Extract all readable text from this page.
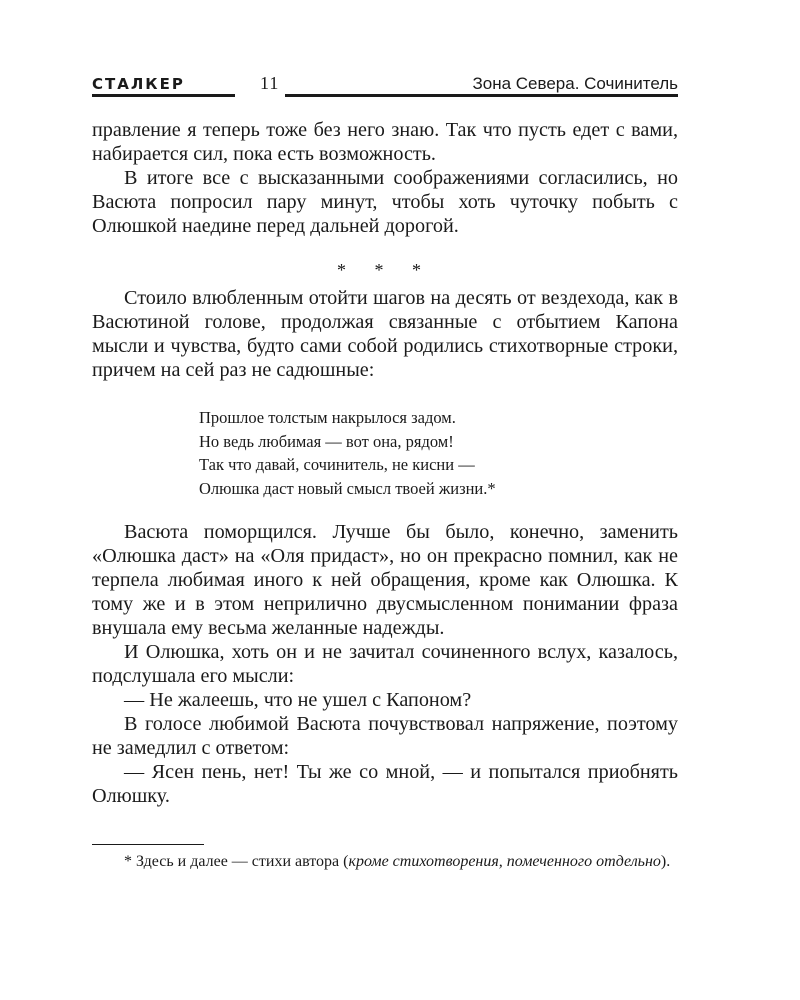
СТАЛКЕР	11	Зона Севера. Сочинитель

правление я теперь тоже без него знаю. Так что пусть едет с вами, набирается сил, пока есть возможность.

В итоге все с высказанными соображениями согласились, но Васюта попросил пару минут, чтобы хоть чуточку побыть с Олюшкой наедине перед дальней дорогой.

* * *

Стоило влюбленным отойти шагов на десять от вездехода, как в Васютиной голове, продолжая связанные с отбытием Капона мысли и чувства, будто сами собой родились стихотворные строки, причем на сей раз не садюшные:

Прошлое толстым накрылося задом.
Но ведь любимая — вот она, рядом!
Так что давай, сочинитель, не кисни —
Олюшка даст новый смысл твоей жизни.*

Васюта поморщился. Лучше бы было, конечно, заменить «Олюшка даст» на «Оля придаст», но он прекрасно помнил, как не терпела любимая иного к ней обращения, кроме как Олюшка. К тому же и в этом неприлично двусмысленном понимании фраза внушала ему весьма желанные надежды.

И Олюшка, хоть он и не зачитал сочиненного вслух, казалось, подслушала его мысли:

— Не жалеешь, что не ушел с Капоном?

В голосе любимой Васюта почувствовал напряжение, поэтому не замедлил с ответом:

— Ясен пень, нет! Ты же со мной, — и попытался приобнять Олюшку.

* Здесь и далее — стихи автора (кроме стихотворения, помеченного отдельно).
